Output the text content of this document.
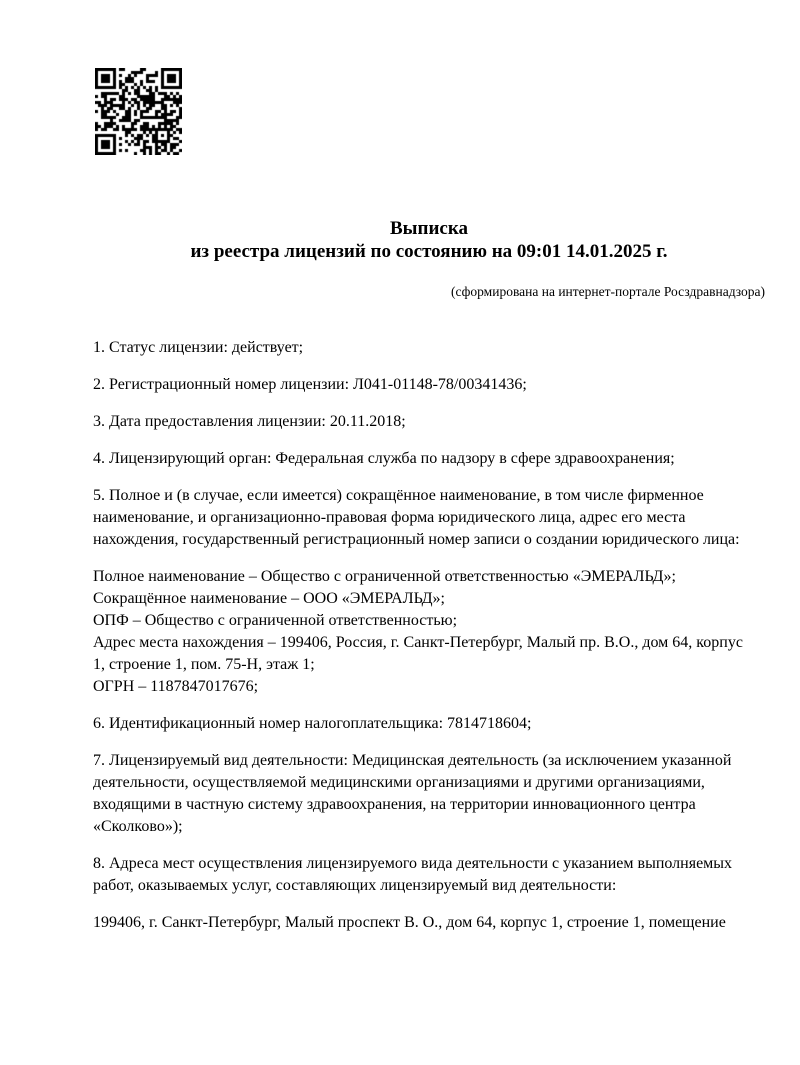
Выписка
из реестра лицензий по состоянию на 09:01 14.01.2025 г.
(сформирована на интернет-портале Росздравнадзора)
1. Статус лицензии: действует;
2. Регистрационный номер лицензии: Л041-01148-78/00341436;
3. Дата предоставления лицензии: 20.11.2018;
4. Лицензирующий орган: Федеральная служба по надзору в сфере здравоохранения;
5. Полное и (в случае, если имеется) сокращённое наименование, в том числе фирменное
наименование, и организационно-правовая форма юридического лица, адрес его места
нахождения, государственный регистрационный номер записи о создании юридического лица:
Полное наименование – Общество с ограниченной ответственностью «ЭМЕРАЛЬД»;
Сокращённое наименование – ООО «ЭМЕРАЛЬД»;
ОПФ – Общество с ограниченной ответственностью;
Адрес места нахождения – 199406, Россия, г. Санкт-Петербург, Малый пр. В.О., дом 64, корпус
1, строение 1, пом. 75-Н, этаж 1;
ОГРН – 1187847017676;
6. Идентификационный номер налогоплательщика: 7814718604;
7. Лицензируемый вид деятельности: Медицинская деятельность (за исключением указанной
деятельности, осуществляемой медицинскими организациями и другими организациями,
входящими в частную систему здравоохранения, на территории инновационного центра
«Сколково»);
8. Адреса мест осуществления лицензируемого вида деятельности с указанием выполняемых
работ, оказываемых услуг, составляющих лицензируемый вид деятельности:
199406, г. Санкт-Петербург, Малый проспект В. О., дом 64, корпус 1, строение 1, помещение
